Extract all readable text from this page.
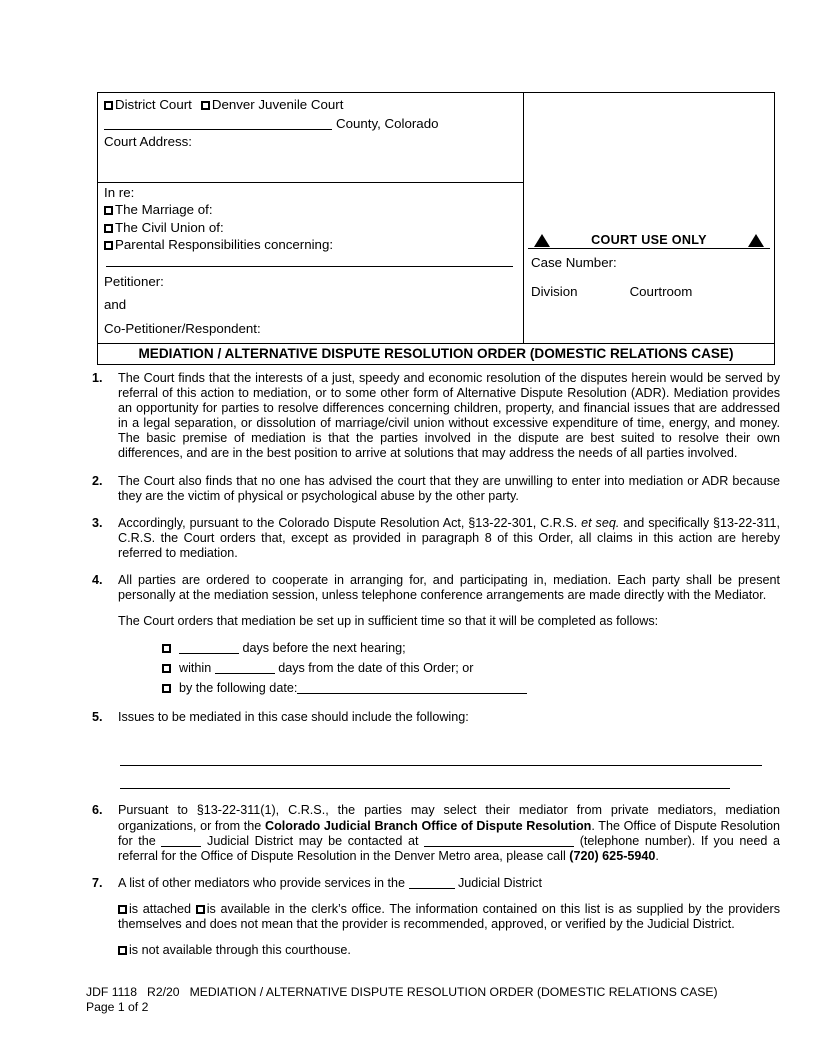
District Court Denver Juvenile Court
County, Colorado
Court Address:
In re:
The Marriage of:
The Civil Union of:
Parental Responsibilities concerning:
Petitioner:
and
Co-Petitioner/Respondent:
COURT USE ONLY
Case Number:
Division	Courtroom
MEDIATION / ALTERNATIVE DISPUTE RESOLUTION ORDER (DOMESTIC RELATIONS CASE)
1.	The Court finds that the interests of a just, speedy and economic resolution of the disputes herein would be served by referral of this action to mediation, or to some other form of Alternative Dispute Resolution (ADR). Mediation provides an opportunity for parties to resolve differences concerning children, property, and financial issues that are addressed in a legal separation, or dissolution of marriage/civil union without excessive expenditure of time, energy, and money. The basic premise of mediation is that the parties involved in the dispute are best suited to resolve their own differences, and are in the best position to arrive at solutions that may address the needs of all parties involved.
2.	The Court also finds that no one has advised the court that they are unwilling to enter into mediation or ADR because they are the victim of physical or psychological abuse by the other party.
3.	Accordingly, pursuant to the Colorado Dispute Resolution Act, §13-22-301, C.R.S. et seq. and specifically §13-22-311, C.R.S. the Court orders that, except as provided in paragraph 8 of this Order, all claims in this action are hereby referred to mediation.
4.	All parties are ordered to cooperate in arranging for, and participating in, mediation. Each party shall be present personally at the mediation session, unless telephone conference arrangements are made directly with the Mediator.
The Court orders that mediation be set up in sufficient time so that it will be completed as follows:
days before the next hearing;
within	days from the date of this Order; or
by the following date:
5.	Issues to be mediated in this case should include the following:
6.	Pursuant to §13-22-311(1), C.R.S., the parties may select their mediator from private mediators, mediation organizations, or from the Colorado Judicial Branch Office of Dispute Resolution. The Office of Dispute Resolution for the	Judicial District may be contacted at	(telephone number). If you need a referral for the Office of Dispute Resolution in the Denver Metro area, please call (720) 625-5940.
7.	A list of other mediators who provide services in the	Judicial District
is attached is available in the clerk’s office. The information contained on this list is as supplied by the providers themselves and does not mean that the provider is recommended, approved, or verified by the Judicial District.
is not available through this courthouse.
JDF 1118 R2/20 MEDIATION / ALTERNATIVE DISPUTE RESOLUTION ORDER (DOMESTIC RELATIONS CASE)
Page 1 of 2
